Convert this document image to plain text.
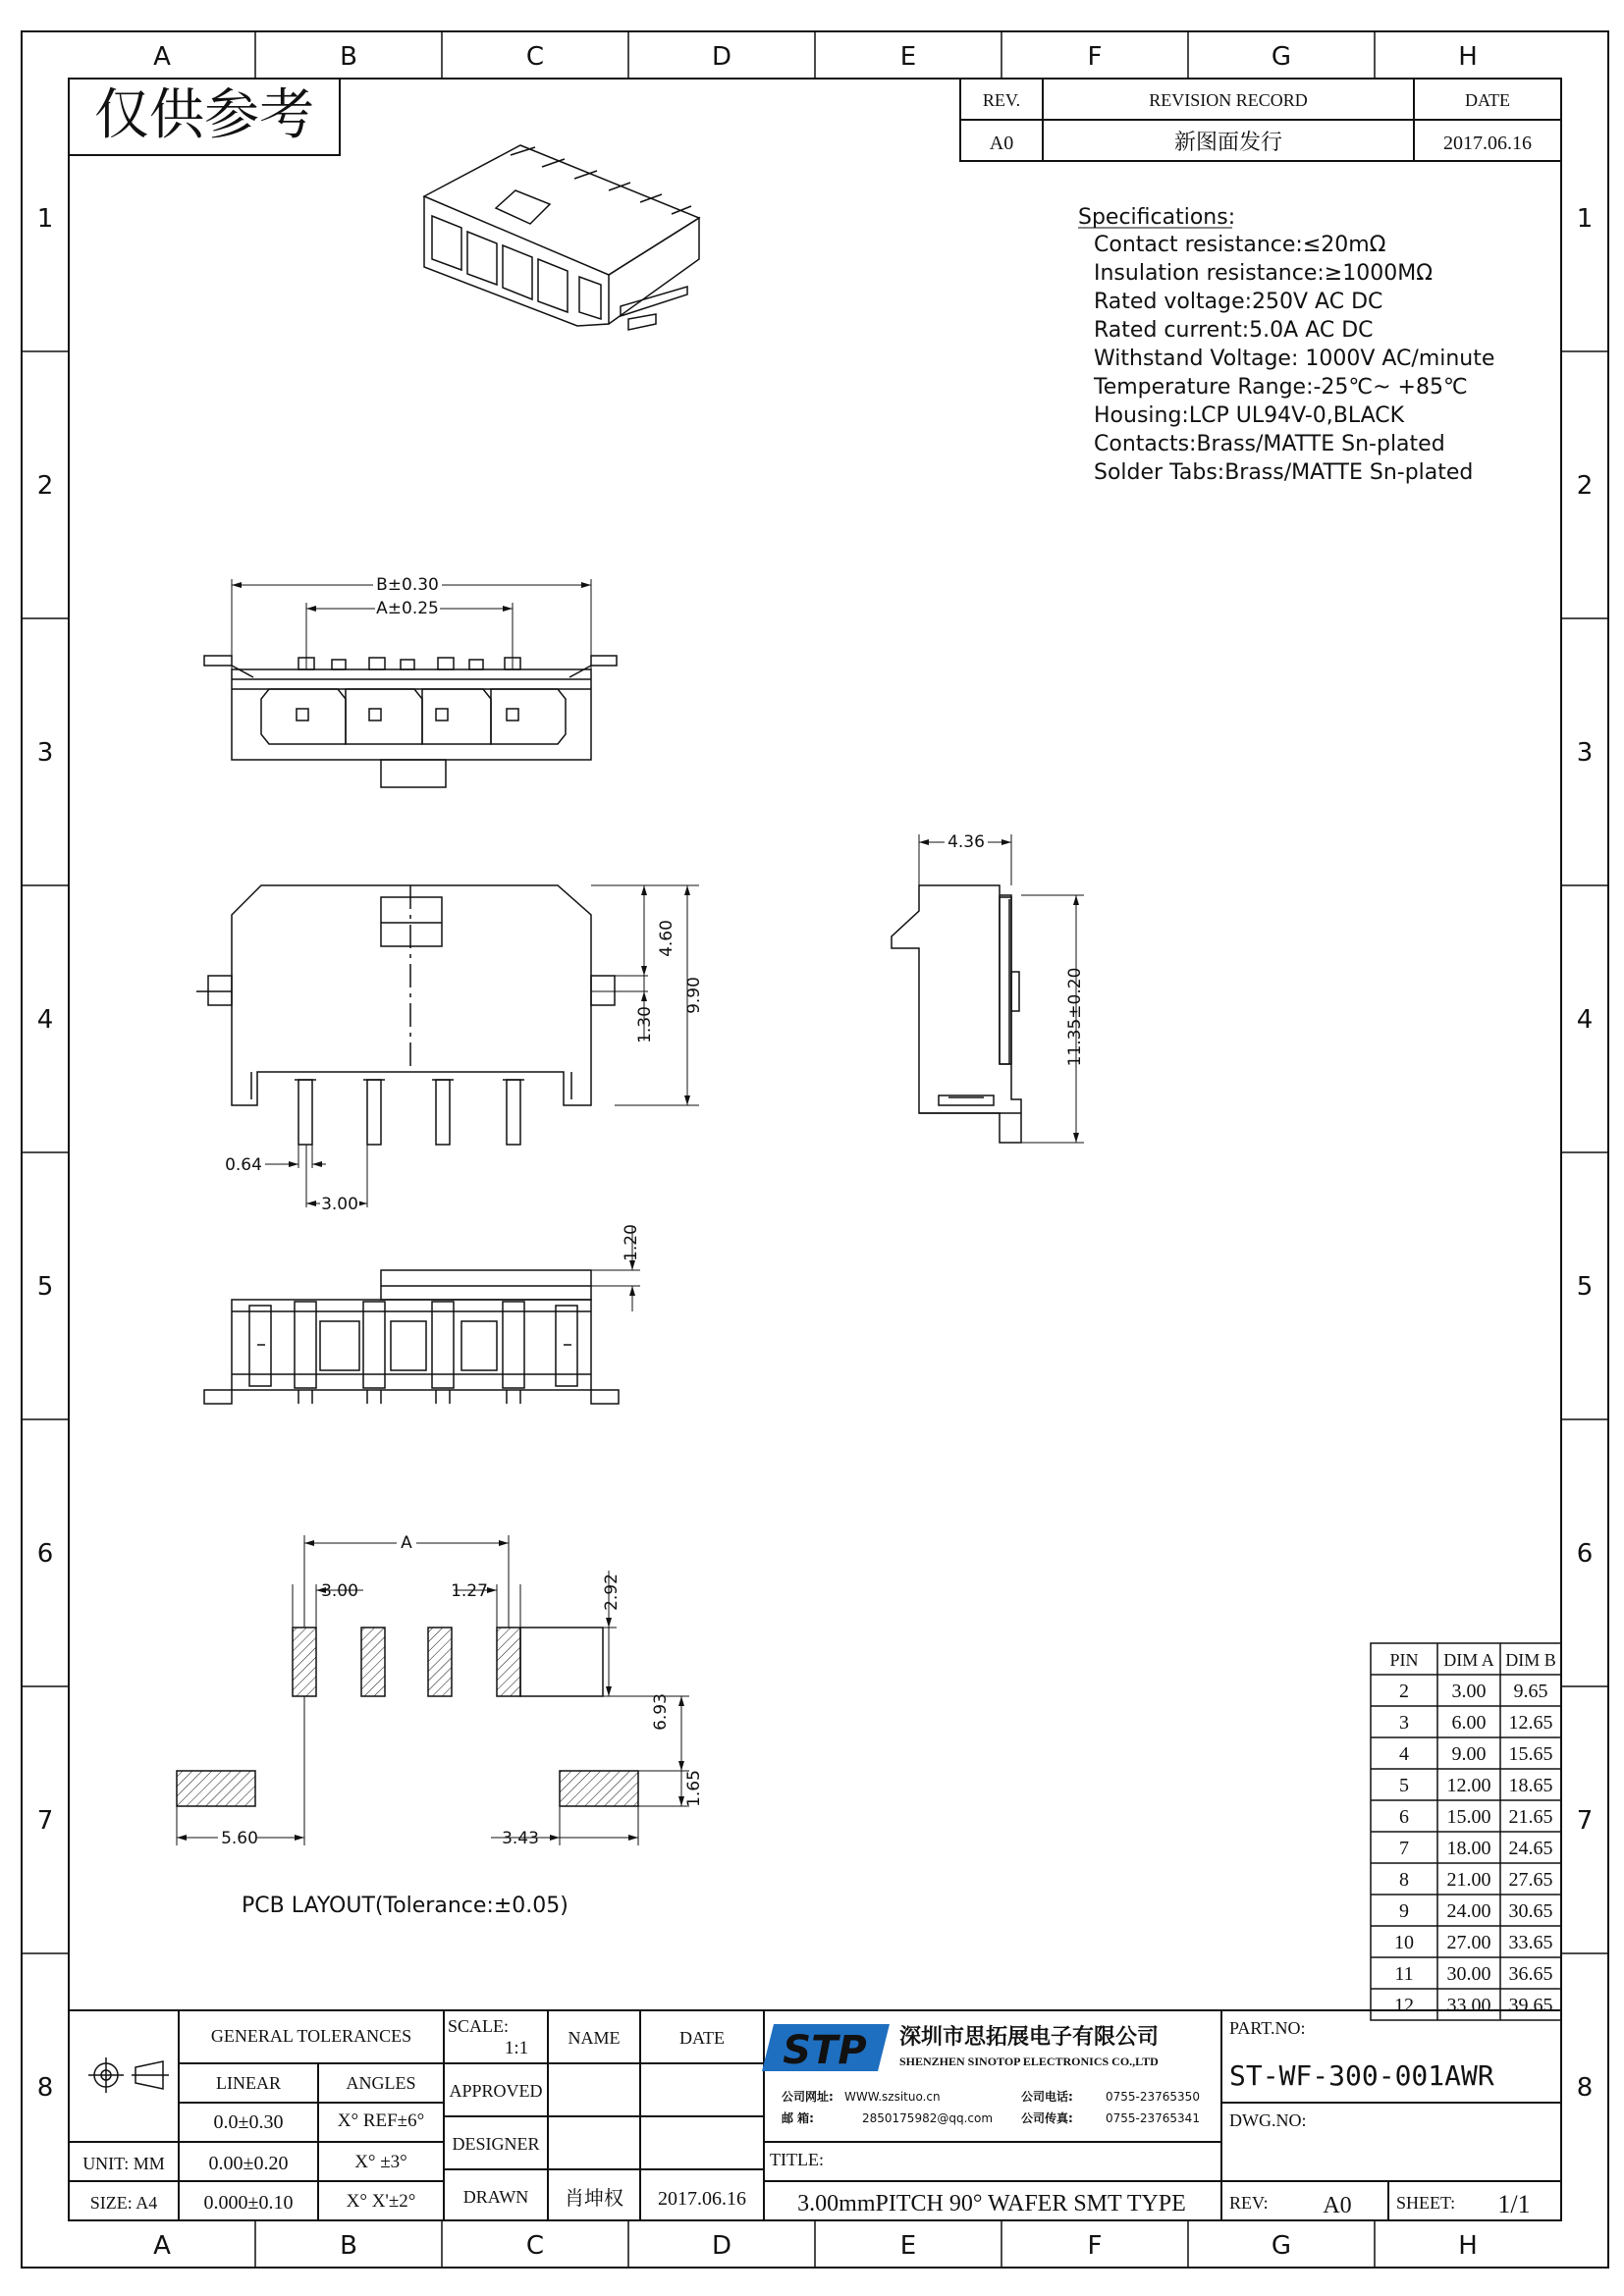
A
A
B
B
C
C
D
D
E
E
F
F
G
G
H
H
1	1
2	2
3	3
4	4
5	5
6	6
7	7
8	8
仅供参考	REV.	REVISION RECORD	DATE
A0	新图面发行	2017.06.16
Specifications:
Contact resistance:≤20mΩ
Insulation resistance:≥1000MΩ
Rated voltage:250V AC DC
Rated current:5.0A AC DC
Withstand Voltage: 1000V AC/minute
Temperature Range:-25℃~ +85℃
Housing:LCP UL94V-0,BLACK
Contacts:Brass/MATTE Sn-plated
Solder Tabs:Brass/MATTE Sn-plated
B±0.30
A±0.25
4.60
9.90
1.30
0.64
3.00
4.36
11.35±0.20
1.20
A
3.00	1.27	2.92
6.93
1.65
5.60	3.43
PCB LAYOUT(Tolerance:±0.05)
PIN DIM A DIM B
2 3.00 9.65
3 6.00 12.65
4 9.00 15.65
5 12.00 18.65
6 15.00 21.65
7 18.00 24.65
8 21.00 27.65
9 24.00 30.65
10 27.00 33.65
11 30.00 36.65
12 33.00 39.65
GENERAL TOLERANCES
LINEAR	ANGLES
0.0±0.30	X° REF±6°
UNIT: MM 0.00±0.20	X° ±3°
SIZE: A4 0.000±0.10	X° X'±2°
SCALE:
1:1 NAME	DATE
APPROVED
DESIGNER
DRAWN 肖坤权 2017.06.16
STP 深圳市思拓展电子有限公司
SHENZHEN SINOTOP ELECTRONICS CO.,LTD
公司网址: WWW.szsituo.cn	公司电话:	0755-23765350
邮 箱:	2850175982@qq.com 公司传真:	0755-23765341
TITLE:
3.00mmPITCH 90° WAFER SMT TYPE
PART.NO:
ST-WF-300-001AWR
DWG.NO:
REV: A0	SHEET: 1/1
